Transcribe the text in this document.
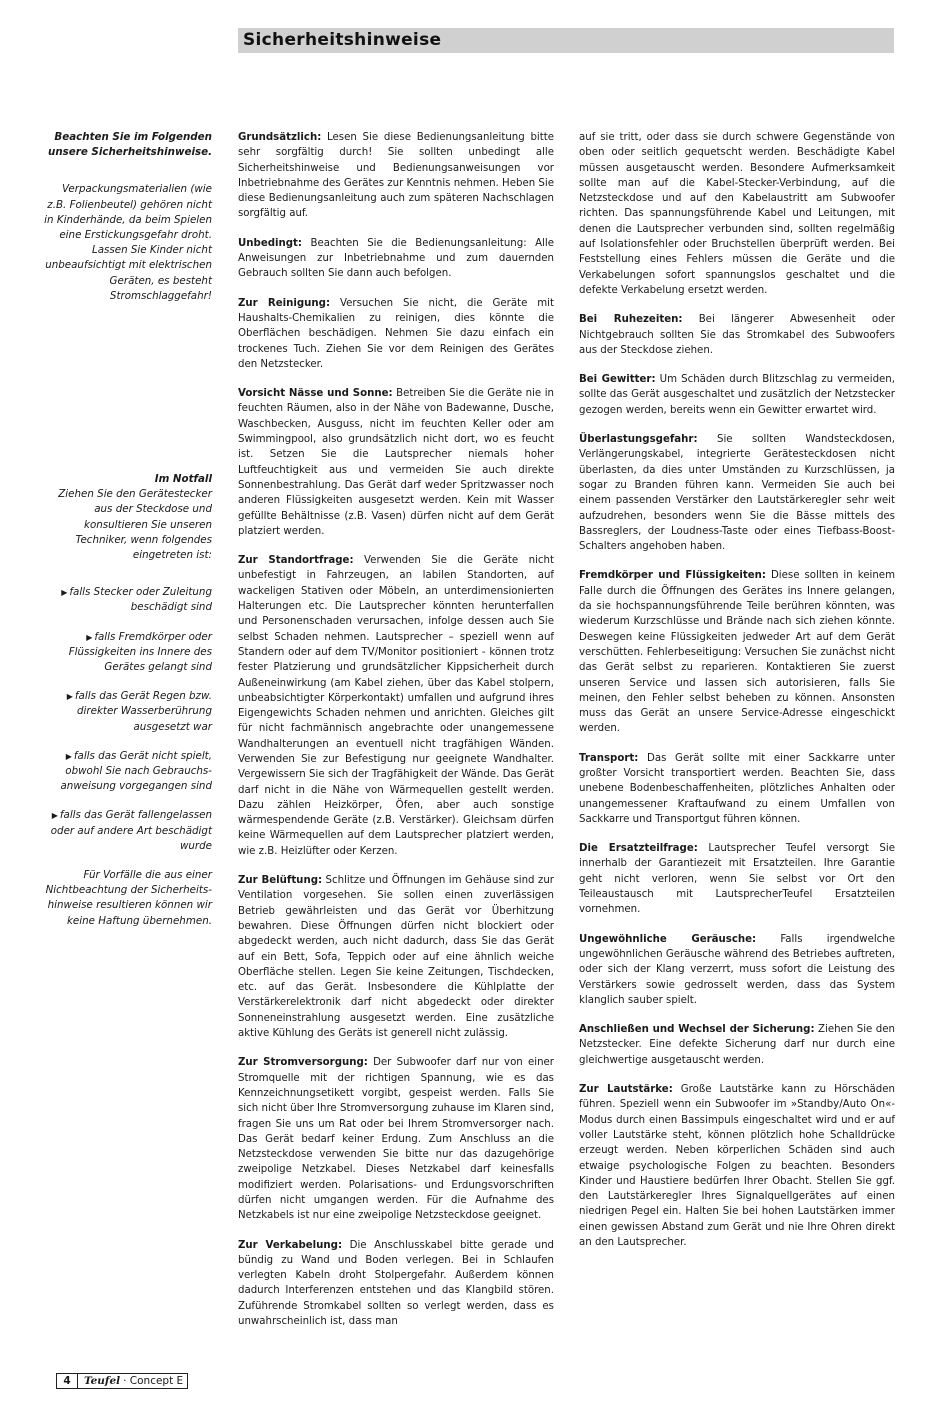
Sicherheitshinweise

Beachten Sie im Folgenden unsere Sicherheitshinweise.

Verpackungsmaterialien (wie z.B. Folienbeutel) gehören nicht in Kinderhände, da beim Spielen eine Erstickungsgefahr droht. Lassen Sie Kinder nicht unbeaufsichtigt mit elektrischen Geräten, es besteht Stromschlaggefahr!

Im Notfall

Ziehen Sie den Gerätestecker aus der Steckdose und konsultieren Sie unseren Techniker, wenn folgendes eingetreten ist:

▶ falls Stecker oder Zuleitung beschädigt sind

▶ falls Fremdkörper oder Flüssigkeiten ins Innere des Gerätes gelangt sind

▶ falls das Gerät Regen bzw. direkter Wasserberührung ausgesetzt war

▶ falls das Gerät nicht spielt, obwohl Sie nach Gebrauchs-anweisung vorgegangen sind

▶ falls das Gerät fallengelassen oder auf andere Art beschädigt wurde

Für Vorfälle die aus einer Nichtbeachtung der Sicherheits-hinweise resultieren können wir keine Haftung übernehmen.

Grundsätzlich: Lesen Sie diese Bedienungsanleitung bitte sehr sorgfältig durch! Sie sollten unbedingt alle Sicherheitshinweise und Bedienungsanweisungen vor Inbetriebnahme des Gerätes zur Kenntnis nehmen. Heben Sie diese Bedienungsanleitung auch zum späteren Nachschlagen sorgfältig auf.

Unbedingt: Beachten Sie die Bedienungsanleitung: Alle Anweisungen zur Inbetriebnahme und zum dauernden Gebrauch sollten Sie dann auch befolgen.

Zur Reinigung: Versuchen Sie nicht, die Geräte mit Haushalts-Chemikalien zu reinigen, dies könnte die Oberflächen beschädigen. Nehmen Sie dazu einfach ein trockenes Tuch. Ziehen Sie vor dem Reinigen des Gerätes den Netzstecker.

Vorsicht Nässe und Sonne: Betreiben Sie die Geräte nie in feuchten Räumen, also in der Nähe von Badewanne, Dusche, Waschbecken, Ausguss, nicht im feuchten Keller oder am Swimmingpool, also grundsätzlich nicht dort, wo es feucht ist. Setzen Sie die Lautsprecher niemals hoher Luftfeuchtigkeit aus und vermeiden Sie auch direkte Sonnenbestrahlung. Das Gerät darf weder Spritzwasser noch anderen Flüssigkeiten ausgesetzt werden. Kein mit Wasser gefüllte Behältnisse (z.B. Vasen) dürfen nicht auf dem Gerät platziert werden.

Zur Standortfrage: Verwenden Sie die Geräte nicht unbefestigt in Fahrzeugen, an labilen Standorten, auf wackeligen Stativen oder Möbeln, an unterdimensionierten Halterungen etc. Die Lautsprecher könnten herunterfallen und Personenschaden verursachen, infolge dessen auch Sie selbst Schaden nehmen. Lautsprecher – speziell wenn auf Standern oder auf dem TV/Monitor positioniert - können trotz fester Platzierung und grundsätzlicher Kippsicherheit durch Außeneinwirkung (am Kabel ziehen, über das Kabel stolpern, unbeabsichtigter Körperkontakt) umfallen und aufgrund ihres Eigengewichts Schaden nehmen und anrichten. Gleiches gilt für nicht fachmännisch angebrachte oder unangemessene Wandhalterungen an eventuell nicht tragfähigen Wänden. Verwenden Sie zur Befestigung nur geeignete Wandhalter. Vergewissern Sie sich der Tragfähigkeit der Wände. Das Gerät darf nicht in die Nähe von Wärmequellen gestellt werden. Dazu zählen Heizkörper, Öfen, aber auch sonstige wärmespendende Geräte (z.B. Verstärker). Gleichsam dürfen keine Wärmequellen auf dem Lautsprecher platziert werden, wie z.B. Heizlüfter oder Kerzen.

Zur Belüftung: Schlitze und Öffnungen im Gehäuse sind zur Ventilation vorgesehen. Sie sollen einen zuverlässigen Betrieb gewährleisten und das Gerät vor Überhitzung bewahren. Diese Öffnungen dürfen nicht blockiert oder abgedeckt werden, auch nicht dadurch, dass Sie das Gerät auf ein Bett, Sofa, Teppich oder auf eine ähnlich weiche Oberfläche stellen. Legen Sie keine Zeitungen, Tischdecken, etc. auf das Gerät. Insbesondere die Kühlplatte der Verstärkerelektronik darf nicht abgedeckt oder direkter Sonneneinstrahlung ausgesetzt werden. Eine zusätzliche aktive Kühlung des Geräts ist generell nicht zulässig.

Zur Stromversorgung: Der Subwoofer darf nur von einer Stromquelle mit der richtigen Spannung, wie es das Kennzeichnungsetikett vorgibt, gespeist werden. Falls Sie sich nicht über Ihre Stromversorgung zuhause im Klaren sind, fragen Sie uns um Rat oder bei Ihrem Stromversorger nach. Das Gerät bedarf keiner Erdung. Zum Anschluss an die Netzsteckdose verwenden Sie bitte nur das dazugehörige zweipolige Netzkabel. Dieses Netzkabel darf keinesfalls modifiziert werden. Polarisations- und Erdungsvorschriften dürfen nicht umgangen werden. Für die Aufnahme des Netzkabels ist nur eine zweipolige Netzsteckdose geeignet.

Zur Verkabelung: Die Anschlusskabel bitte gerade und bündig zu Wand und Boden verlegen. Bei in Schlaufen verlegten Kabeln droht Stolpergefahr. Außerdem können dadurch Interferenzen entstehen und das Klangbild stören. Zuführende Stromkabel sollten so verlegt werden, dass es unwahrscheinlich ist, dass man

auf sie tritt, oder dass sie durch schwere Gegenstände von oben oder seitlich gequetscht werden. Beschädigte Kabel müssen ausgetauscht werden. Besondere Aufmerksamkeit sollte man auf die Kabel-Stecker-Verbindung, auf die Netzsteckdose und auf den Kabelaustritt am Subwoofer richten. Das spannungsführende Kabel und Leitungen, mit denen die Lautsprecher verbunden sind, sollten regelmäßig auf Isolationsfehler oder Bruchstellen überprüft werden. Bei Feststellung eines Fehlers müssen die Geräte und die Verkabelungen sofort spannungslos geschaltet und die defekte Verkabelung ersetzt werden.

Bei Ruhezeiten: Bei längerer Abwesenheit oder Nichtgebrauch sollten Sie das Stromkabel des Subwoofers aus der Steckdose ziehen.

Bei Gewitter: Um Schäden durch Blitzschlag zu vermeiden, sollte das Gerät ausgeschaltet und zusätzlich der Netzstecker gezogen werden, bereits wenn ein Gewitter erwartet wird.

Überlastungsgefahr: Sie sollten Wandsteckdosen, Verlängerungskabel, integrierte Gerätesteckdosen nicht überlasten, da dies unter Umständen zu Kurzschlüssen, ja sogar zu Branden führen kann. Vermeiden Sie auch bei einem passenden Verstärker den Lautstärkeregler sehr weit aufzudrehen, besonders wenn Sie die Bässe mittels des Bassreglers, der Loudness-Taste oder eines Tiefbass-Boost-Schalters angehoben haben.

Fremdkörper und Flüssigkeiten: Diese sollten in keinem Falle durch die Öffnungen des Gerätes ins Innere gelangen, da sie hochspannungsführende Teile berühren könnten, was wiederum Kurzschlüsse und Brände nach sich ziehen könnte. Deswegen keine Flüssigkeiten jedweder Art auf dem Gerät verschütten. Fehlerbeseitigung: Versuchen Sie zunächst nicht das Gerät selbst zu reparieren. Kontaktieren Sie zuerst unseren Service und lassen sich autorisieren, falls Sie meinen, den Fehler selbst beheben zu können. Ansonsten muss das Gerät an unsere Service-Adresse eingeschickt werden.

Transport: Das Gerät sollte mit einer Sackkarre unter großter Vorsicht transportiert werden. Beachten Sie, dass unebene Bodenbeschaffenheiten, plötzliches Anhalten oder unangemessener Kraftaufwand zu einem Umfallen von Sackkarre und Transportgut führen können.

Die Ersatzteilfrage: Lautsprecher Teufel versorgt Sie innerhalb der Garantiezeit mit Ersatzteilen. Ihre Garantie geht nicht verloren, wenn Sie selbst vor Ort den Teileaustausch mit LautsprecherTeufel Ersatzteilen vornehmen.

Ungewöhnliche Geräusche: Falls irgendwelche ungewöhnlichen Geräusche während des Betriebes auftreten, oder sich der Klang verzerrt, muss sofort die Leistung des Verstärkers sowie gedrosselt werden, dass das System klanglich sauber spielt.

Anschließen und Wechsel der Sicherung: Ziehen Sie den Netzstecker. Eine defekte Sicherung darf nur durch eine gleichwertige ausgetauscht werden.

Zur Lautstärke: Große Lautstärke kann zu Hörschäden führen. Speziell wenn ein Subwoofer im »Standby/Auto On«-Modus durch einen Bassimpuls eingeschaltet wird und er auf voller Lautstärke steht, können plötzlich hohe Schalldrücke erzeugt werden. Neben körperlichen Schäden sind auch etwaige psychologische Folgen zu beachten. Besonders Kinder und Haustiere bedürfen Ihrer Obacht. Stellen Sie ggf. den Lautstärkeregler Ihres Signalquellgerätes auf einen niedrigen Pegel ein. Halten Sie bei hohen Lautstärken immer einen gewissen Abstand zum Gerät und nie Ihre Ohren direkt an den Lautsprecher.

4	Teufel · Concept E
